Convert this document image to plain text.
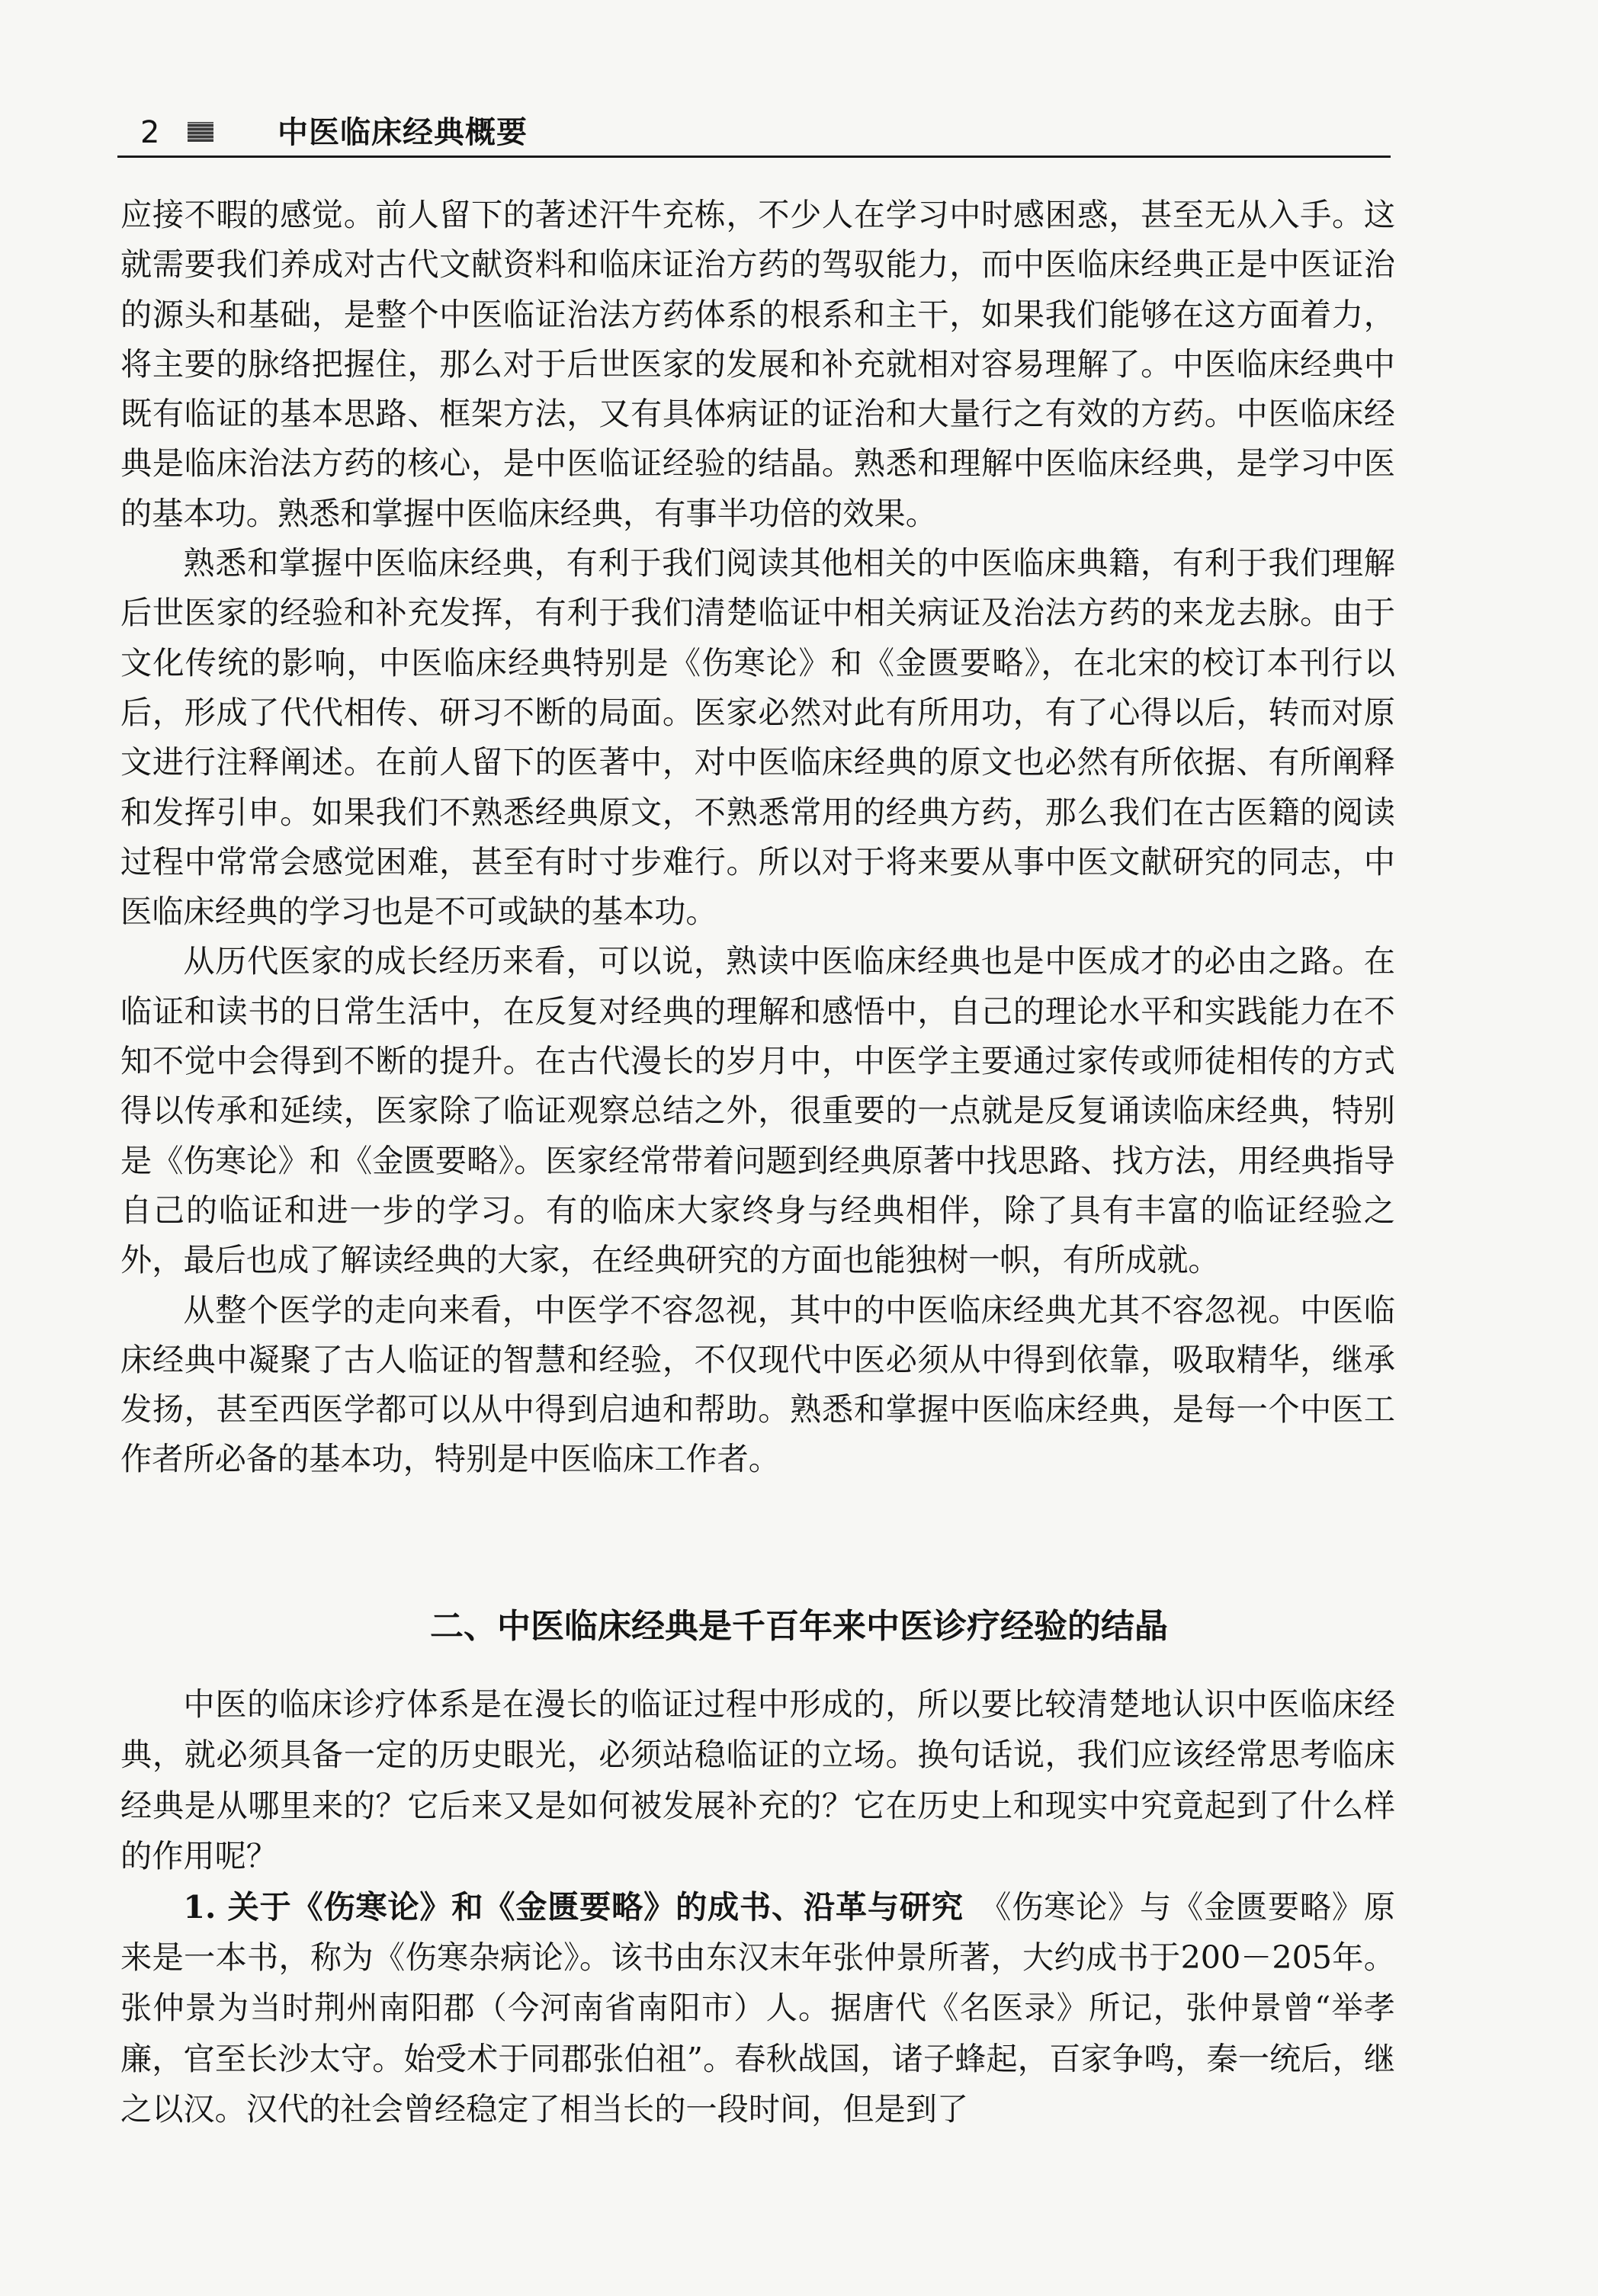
2	中医临床经典概要

应接不暇的感觉。前人留下的著述汗牛充栋，不少人在学习中时感困惑，甚至无从入手。这就需要我们养成对古代文献资料和临床证治方药的驾驭能力，而中医临床经典正是中医证治的源头和基础，是整个中医临证治法方药体系的根系和主干，如果我们能够在这方面着力，将主要的脉络把握住，那么对于后世医家的发展和补充就相对容易理解了。中医临床经典中既有临证的基本思路、框架方法，又有具体病证的证治和大量行之有效的方药。中医临床经典是临床治法方药的核心，是中医临证经验的结晶。熟悉和理解中医临床经典，是学习中医的基本功。熟悉和掌握中医临床经典，有事半功倍的效果。

熟悉和掌握中医临床经典，有利于我们阅读其他相关的中医临床典籍，有利于我们理解后世医家的经验和补充发挥，有利于我们清楚临证中相关病证及治法方药的来龙去脉。由于文化传统的影响，中医临床经典特别是《伤寒论》和《金匮要略》，在北宋的校订本刊行以后，形成了代代相传、研习不断的局面。医家必然对此有所用功，有了心得以后，转而对原文进行注释阐述。在前人留下的医著中，对中医临床经典的原文也必然有所依据、有所阐释和发挥引申。如果我们不熟悉经典原文，不熟悉常用的经典方药，那么我们在古医籍的阅读过程中常常会感觉困难，甚至有时寸步难行。所以对于将来要从事中医文献研究的同志，中医临床经典的学习也是不可或缺的基本功。

从历代医家的成长经历来看，可以说，熟读中医临床经典也是中医成才的必由之路。在临证和读书的日常生活中，在反复对经典的理解和感悟中，自己的理论水平和实践能力在不知不觉中会得到不断的提升。在古代漫长的岁月中，中医学主要通过家传或师徒相传的方式得以传承和延续，医家除了临证观察总结之外，很重要的一点就是反复诵读临床经典，特别是《伤寒论》和《金匮要略》。医家经常带着问题到经典原著中找思路、找方法，用经典指导自己的临证和进一步的学习。有的临床大家终身与经典相伴，除了具有丰富的临证经验之外，最后也成了解读经典的大家，在经典研究的方面也能独树一帜，有所成就。

从整个医学的走向来看，中医学不容忽视，其中的中医临床经典尤其不容忽视。中医临床经典中凝聚了古人临证的智慧和经验，不仅现代中医必须从中得到依靠，吸取精华，继承发扬，甚至西医学都可以从中得到启迪和帮助。熟悉和掌握中医临床经典，是每一个中医工作者所必备的基本功，特别是中医临床工作者。

二、中医临床经典是千百年来中医诊疗经验的结晶

中医的临床诊疗体系是在漫长的临证过程中形成的，所以要比较清楚地认识中医临床经典，就必须具备一定的历史眼光，必须站稳临证的立场。换句话说，我们应该经常思考临床经典是从哪里来的？它后来又是如何被发展补充的？它在历史上和现实中究竟起到了什么样的作用呢？

1. 关于《伤寒论》和《金匮要略》的成书、沿革与研究　 《伤寒论》与《金匮要略》原来是一本书，称为《伤寒杂病论》。该书由东汉末年张仲景所著，大约成书于200－205年。张仲景为当时荆州南阳郡（今河南省南阳市）人。据唐代《名医录》所记，张仲景曾“举孝廉，官至长沙太守。始受术于同郡张伯祖”。春秋战国，诸子蜂起，百家争鸣，秦一统后，继之以汉。汉代的社会曾经稳定了相当长的一段时间，但是到了
